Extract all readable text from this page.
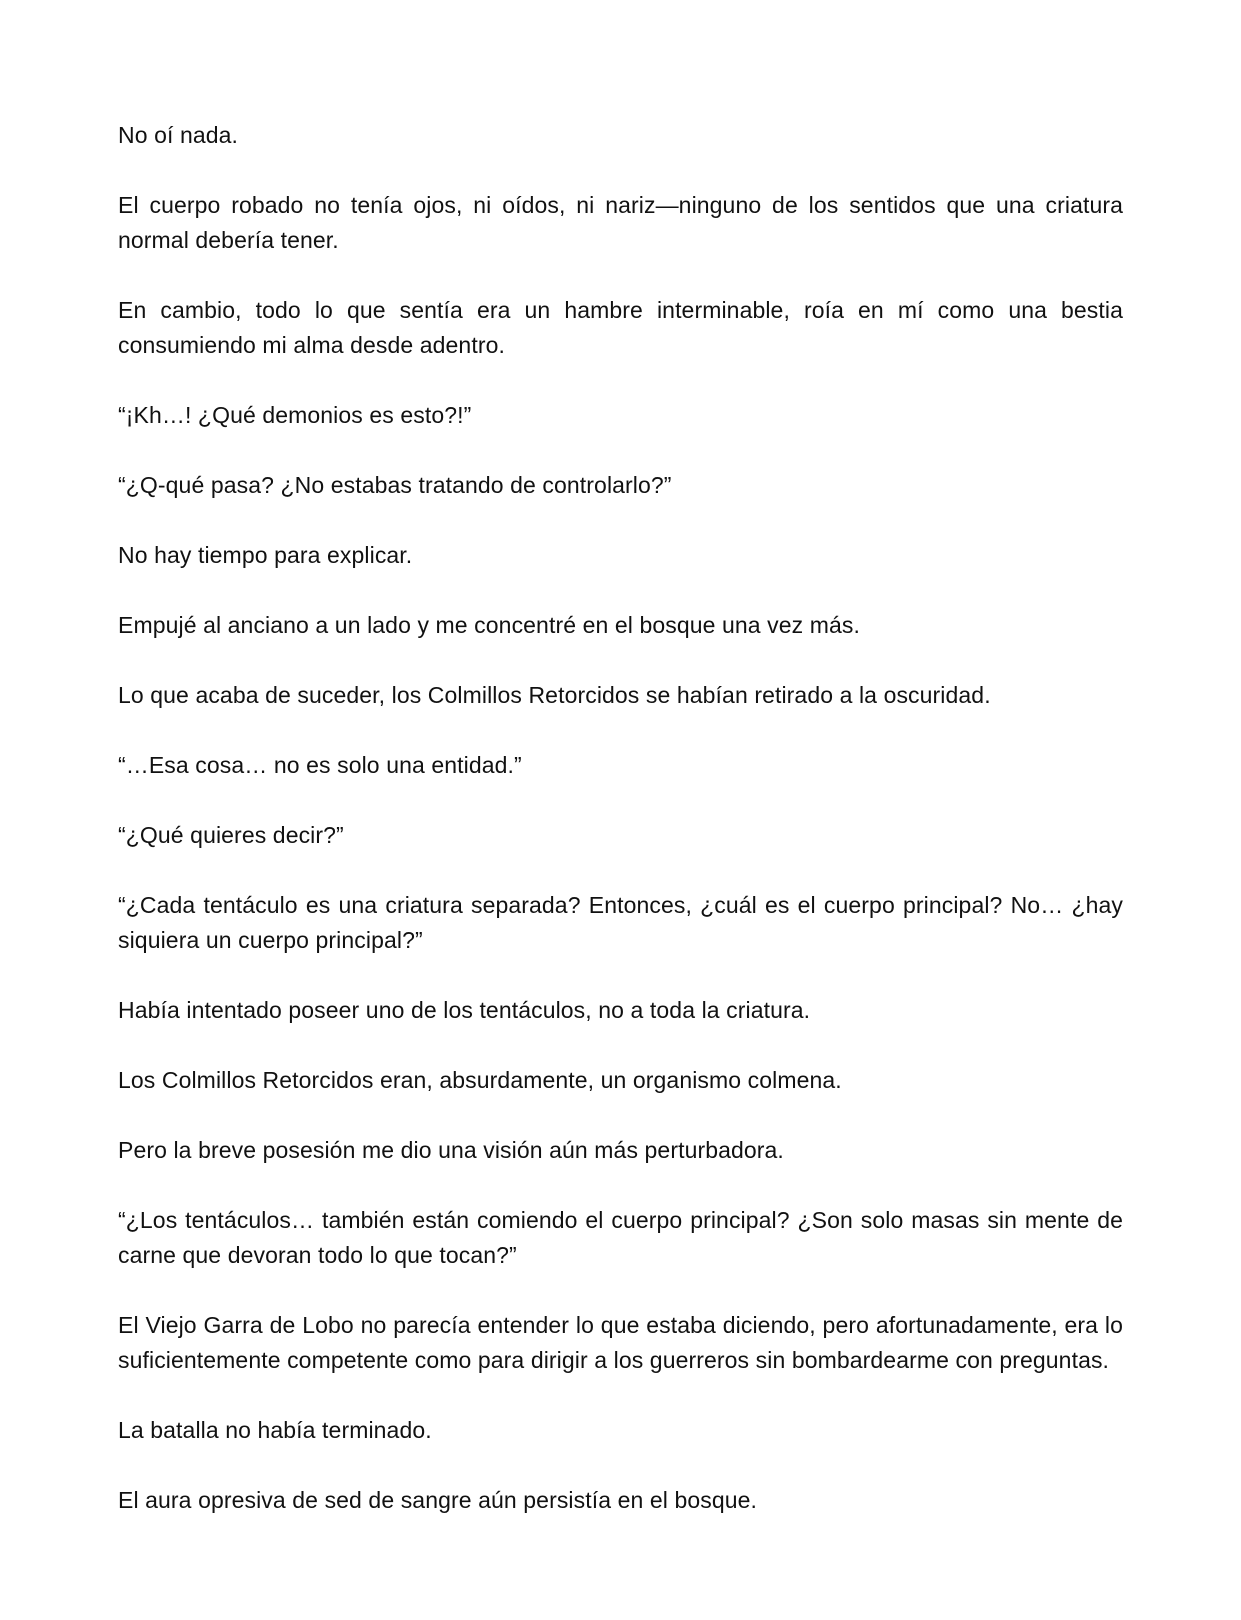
No oí nada.

El cuerpo robado no tenía ojos, ni oídos, ni nariz—ninguno de los sentidos que una criatura normal debería tener.

En cambio, todo lo que sentía era un hambre interminable, roía en mí como una bestia consumiendo mi alma desde adentro.

“¡Kh…! ¿Qué demonios es esto?!”

“¿Q-qué pasa? ¿No estabas tratando de controlarlo?”

No hay tiempo para explicar.

Empujé al anciano a un lado y me concentré en el bosque una vez más.

Lo que acaba de suceder, los Colmillos Retorcidos se habían retirado a la oscuridad.

“…Esa cosa… no es solo una entidad.”

“¿Qué quieres decir?”

“¿Cada tentáculo es una criatura separada? Entonces, ¿cuál es el cuerpo principal? No… ¿hay siquiera un cuerpo principal?”

Había intentado poseer uno de los tentáculos, no a toda la criatura.

Los Colmillos Retorcidos eran, absurdamente, un organismo colmena.

Pero la breve posesión me dio una visión aún más perturbadora.

“¿Los tentáculos… también están comiendo el cuerpo principal? ¿Son solo masas sin mente de carne que devoran todo lo que tocan?”

El Viejo Garra de Lobo no parecía entender lo que estaba diciendo, pero afortunadamente, era lo suficientemente competente como para dirigir a los guerreros sin bombardearme con preguntas.

La batalla no había terminado.

El aura opresiva de sed de sangre aún persistía en el bosque.
